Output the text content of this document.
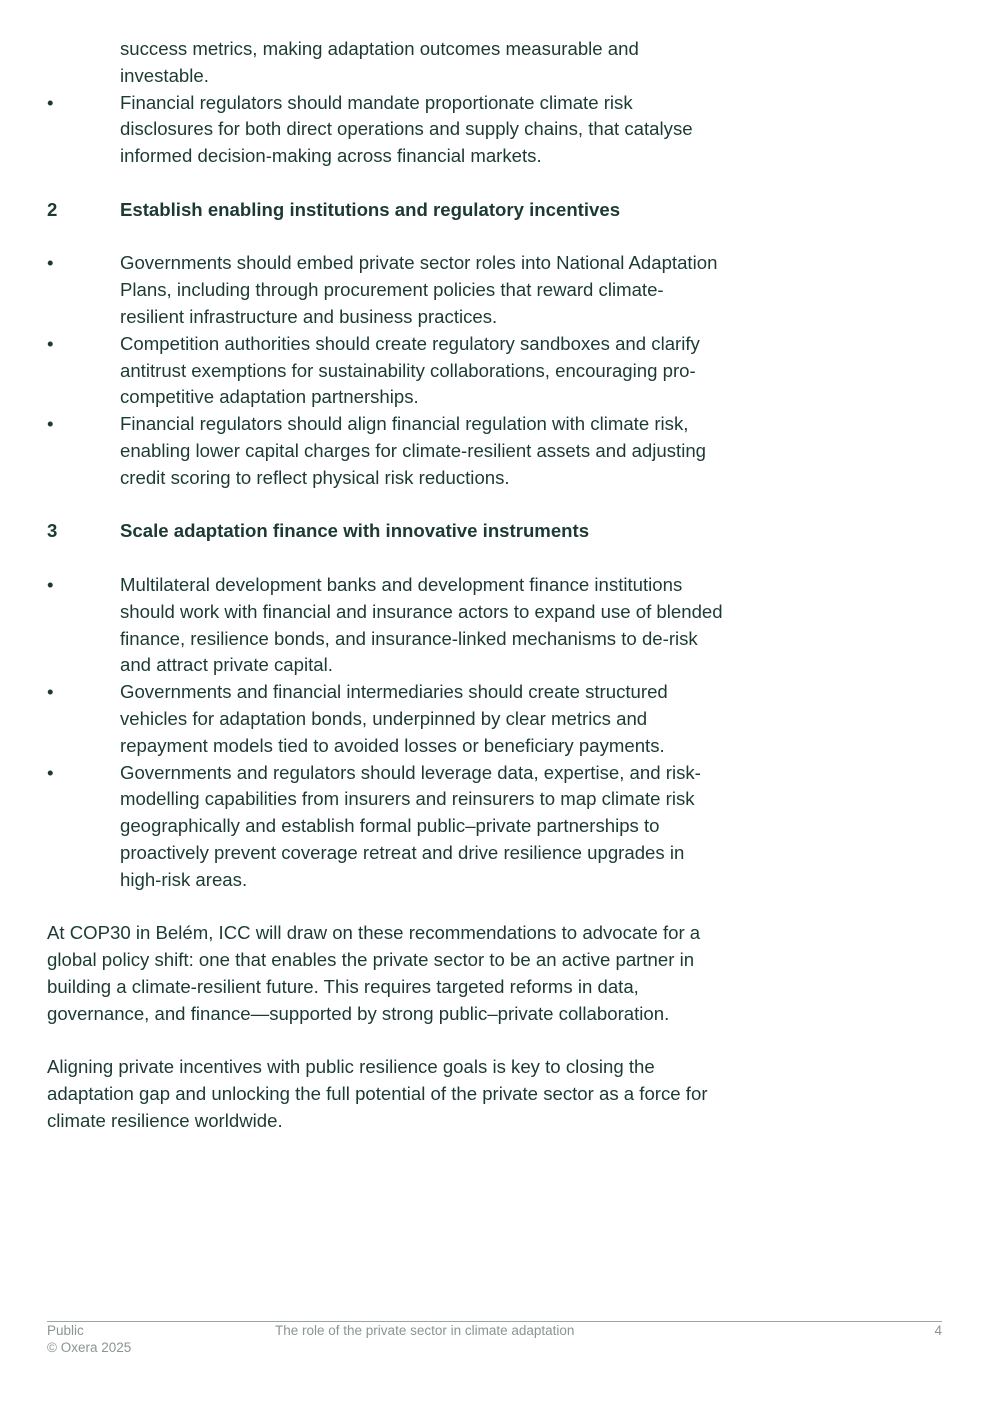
success metrics, making adaptation outcomes measurable and investable.
•	Financial regulators should mandate proportionate climate risk disclosures for both direct operations and supply chains, that catalyse informed decision-making across financial markets.
2	Establish enabling institutions and regulatory incentives
•	Governments should embed private sector roles into National Adaptation Plans, including through procurement policies that reward climate-resilient infrastructure and business practices.
•	Competition authorities should create regulatory sandboxes and clarify antitrust exemptions for sustainability collaborations, encouraging pro-competitive adaptation partnerships.
•	Financial regulators should align financial regulation with climate risk, enabling lower capital charges for climate-resilient assets and adjusting credit scoring to reflect physical risk reductions.
3	Scale adaptation finance with innovative instruments
•	Multilateral development banks and development finance institutions should work with financial and insurance actors to expand use of blended finance, resilience bonds, and insurance-linked mechanisms to de-risk and attract private capital.
•	Governments and financial intermediaries should create structured vehicles for adaptation bonds, underpinned by clear metrics and repayment models tied to avoided losses or beneficiary payments.
•	Governments and regulators should leverage data, expertise, and risk-modelling capabilities from insurers and reinsurers to map climate risk geographically and establish formal public–private partnerships to proactively prevent coverage retreat and drive resilience upgrades in high-risk areas.

At COP30 in Belém, ICC will draw on these recommendations to advocate for a global policy shift: one that enables the private sector to be an active partner in building a climate-resilient future. This requires targeted reforms in data, governance, and finance—supported by strong public–private collaboration.

Aligning private incentives with public resilience goals is key to closing the adaptation gap and unlocking the full potential of the private sector as a force for climate resilience worldwide.

Public
© Oxera 2025
The role of the private sector in climate adaptation	4
